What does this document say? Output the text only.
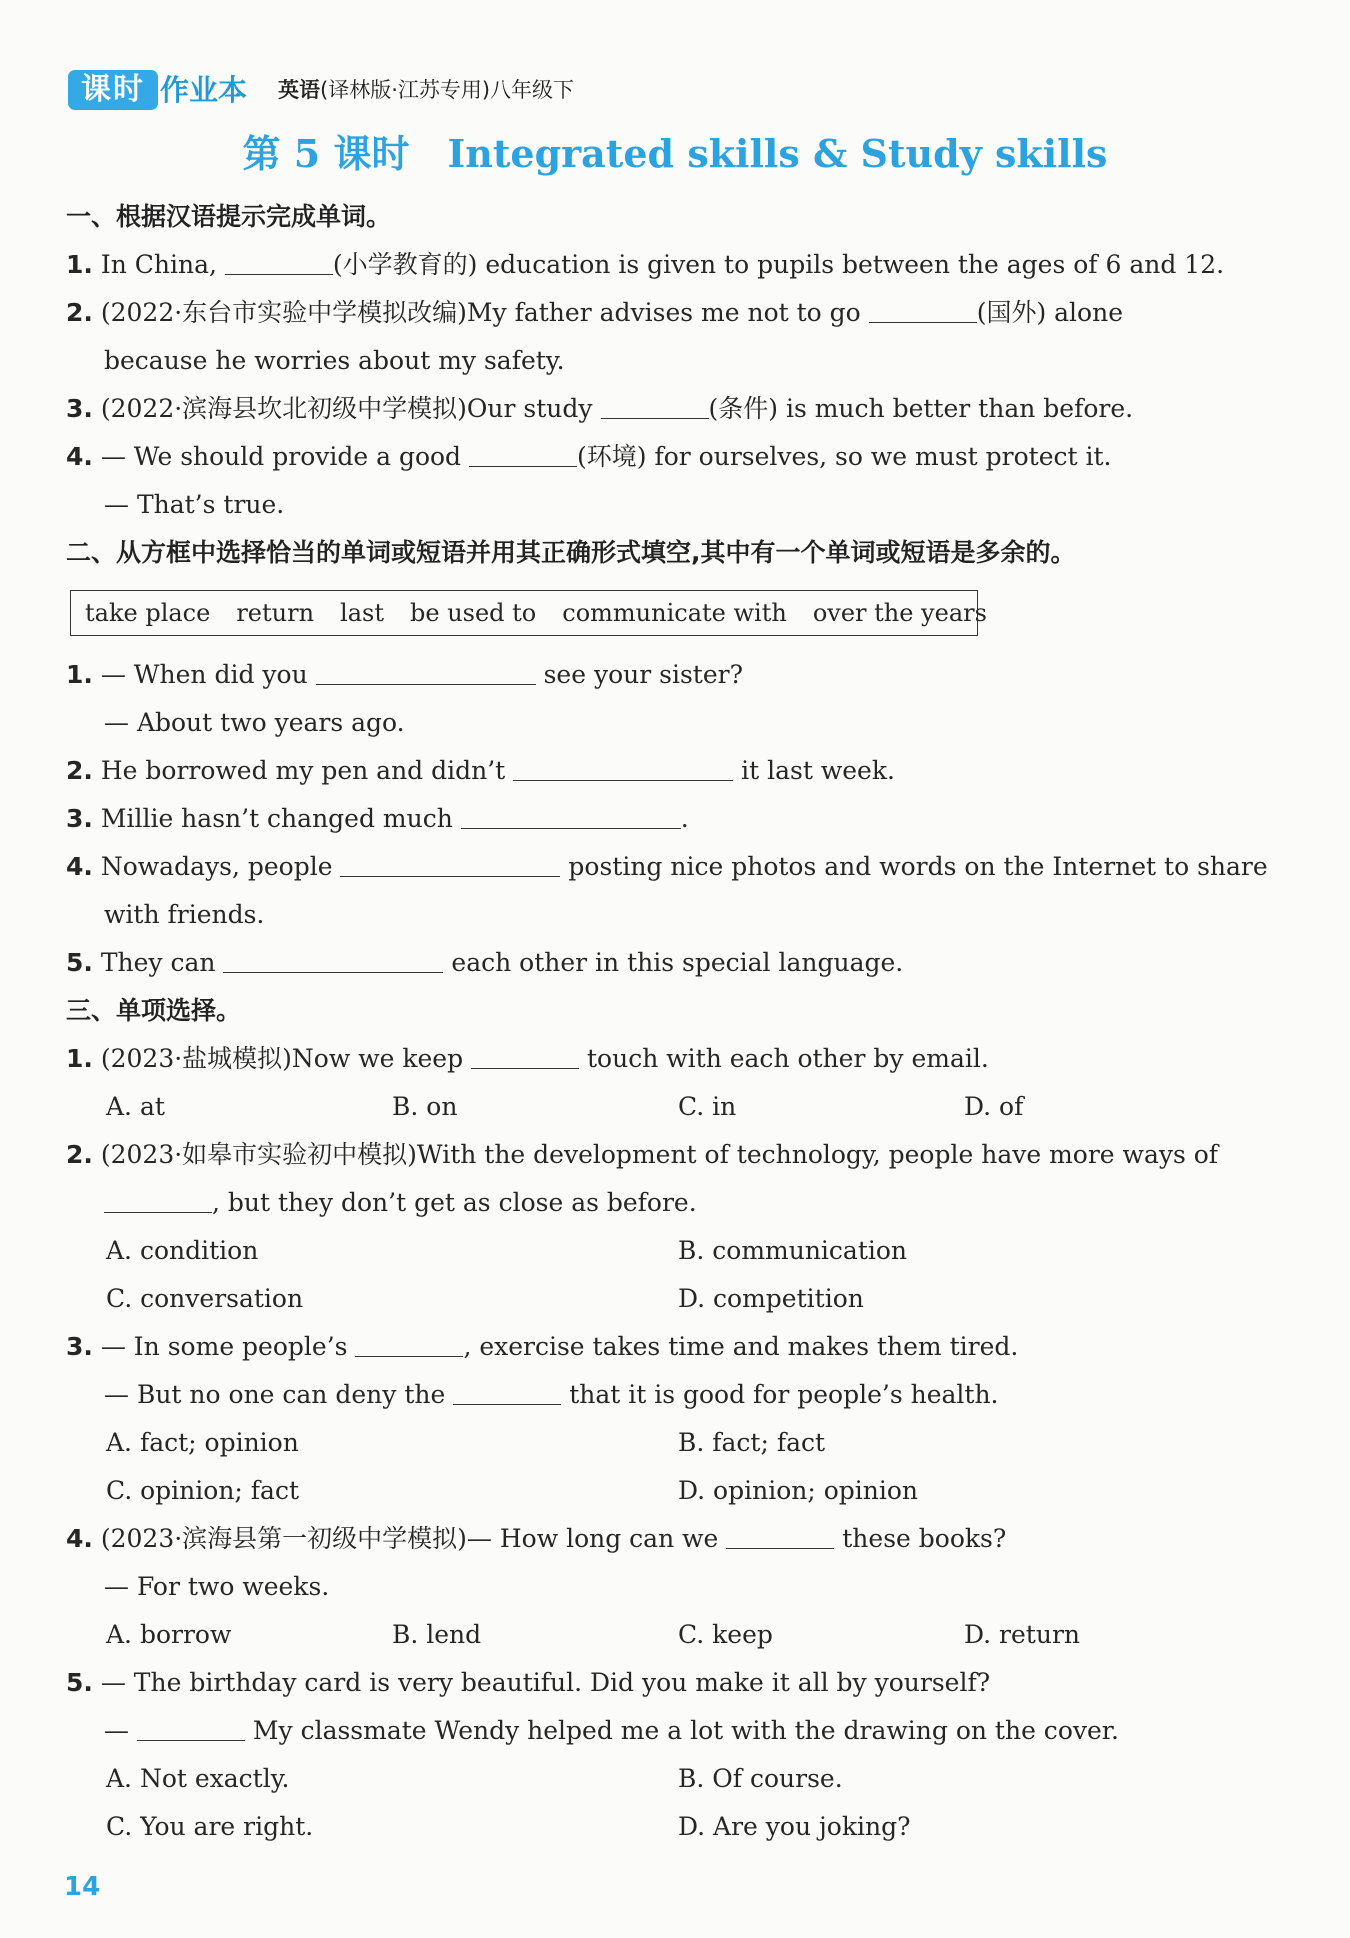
课时 作业本 英语(译林版·江苏专用)八年级下
第 5 课时　Integrated skills & Study skills
一、根据汉语提示完成单词。
1. In China,	(小学教育的) education is given to pupils between the ages of 6 and 12.
2. (2022·东台市实验中学模拟改编)My father advises me not to go	(国外) alone
because he worries about my safety.
3. (2022·滨海县坎北初级中学模拟)Our study	(条件) is much better than before.
4. — We should provide a good	(环境) for ourselves, so we must protect it.
— That’s true.
二、从方框中选择恰当的单词或短语并用其正确形式填空,其中有一个单词或短语是多余的。
take place return last be used to communicate with over the years
1. — When did you	see your sister?
— About two years ago.
2. He borrowed my pen and didn’t	it last week.
3. Millie hasn’t changed much	.
4. Nowadays, people	posting nice photos and words on the Internet to share
with friends.
5. They can	each other in this special language.
三、单项选择。
1. (2023·盐城模拟)Now we keep	touch with each other by email.
A. at	B. on	C. in	D. of
2. (2023·如皋市实验初中模拟)With the development of technology, people have more ways of
, but they don’t get as close as before.
A. condition	B. communication
C. conversation	D. competition
3. — In some people’s	, exercise takes time and makes them tired.
— But no one can deny the	that it is good for people’s health.
A. fact; opinion	B. fact; fact
C. opinion; fact	D. opinion; opinion
4. (2023·滨海县第一初级中学模拟)— How long can we	these books?
— For two weeks.
A. borrow	B. lend	C. keep	D. return
5. — The birthday card is very beautiful. Did you make it all by yourself?
—	My classmate Wendy helped me a lot with the drawing on the cover.
A. Not exactly.	B. Of course.
C. You are right.	D. Are you joking?
14
